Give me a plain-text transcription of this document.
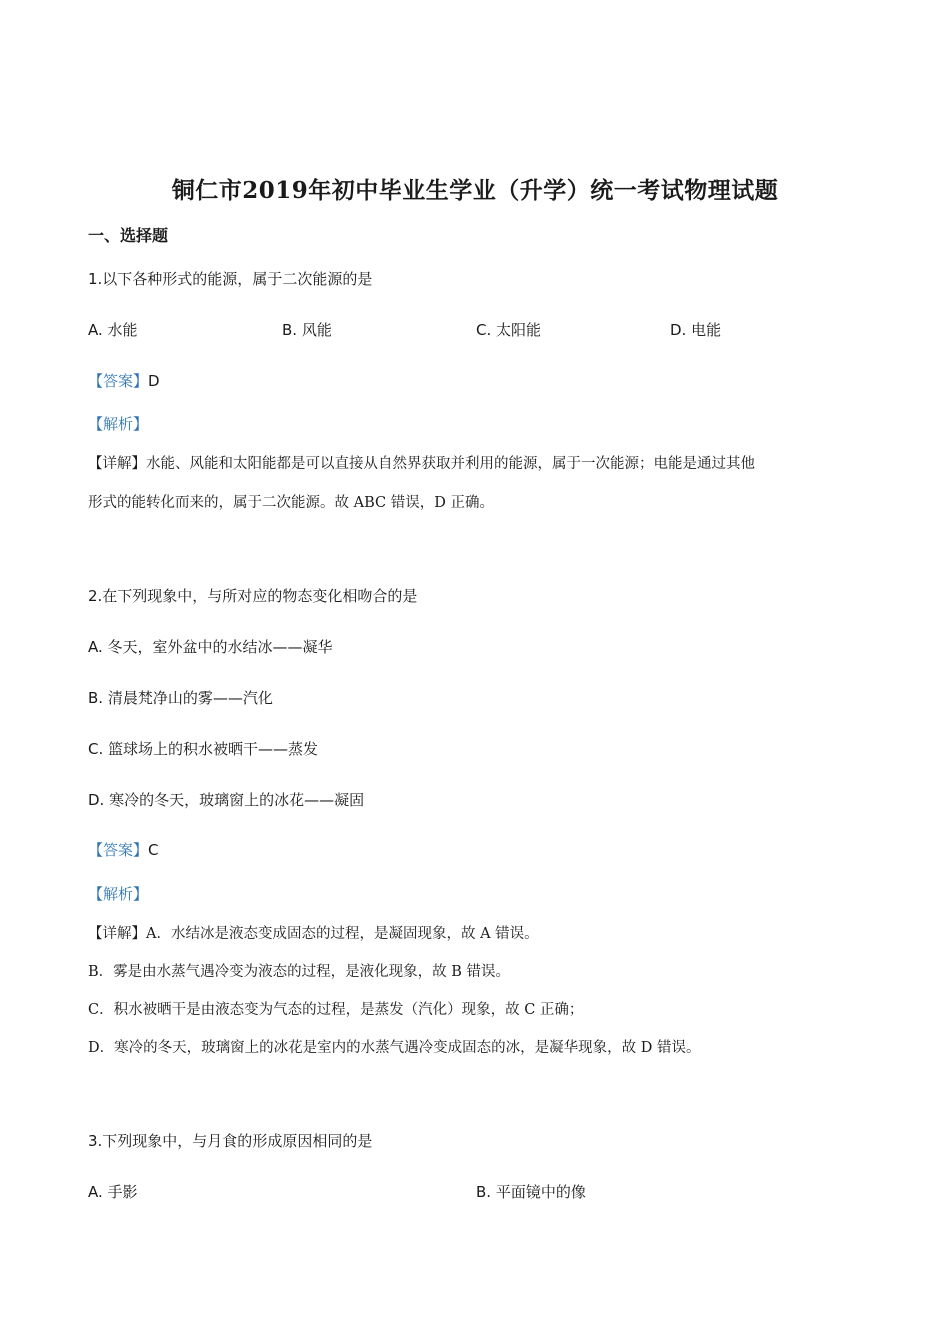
铜仁市2019年初中毕业生学业（升学）统一考试物理试题
一、选择题
1.以下各种形式的能源，属于二次能源的是
A. 水能	B. 风能	C. 太阳能	D. 电能
【答案】D
【解析】
【详解】水能、风能和太阳能都是可以直接从自然界获取并利用的能源，属于一次能源；电能是通过其他
形式的能转化而来的，属于二次能源。故 ABC 错误，D 正确。
2.在下列现象中，与所对应的物态变化相吻合的是
A. 冬天，室外盆中的水结冰——凝华
B. 清晨梵净山的雾——汽化
C. 篮球场上的积水被晒干——蒸发
D. 寒冷的冬天，玻璃窗上的冰花——凝固
【答案】C
【解析】
【详解】A．水结冰是液态变成固态的过程，是凝固现象，故 A 错误。
B．雾是由水蒸气遇冷变为液态的过程，是液化现象，故 B 错误。
C．积水被晒干是由液态变为气态的过程，是蒸发（汽化）现象，故 C 正确；
D．寒冷的冬天，玻璃窗上的冰花是室内的水蒸气遇冷变成固态的冰，是凝华现象，故 D 错误。
3.下列现象中，与月食的形成原因相同的是
A. 手影	B. 平面镜中的像
